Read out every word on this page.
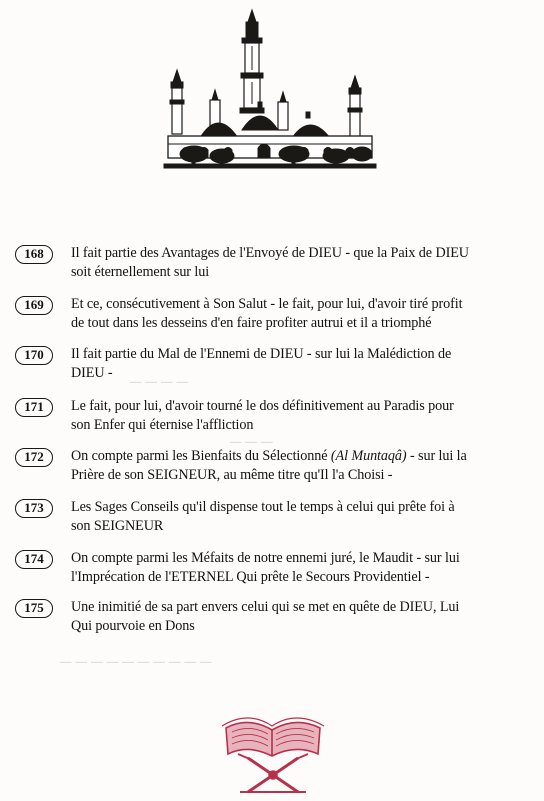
ـــ ـــ ـــ ـــ
ـــ ـــ ـــ
ـــ ـــ ـــ ـــ ـــ ـــ ـــ ـــ ـــ ـــ
168	Il fait partie des Avantages de l'Envoyé de DIEU - que la Paix de DIEU
soit éternellement sur lui
169	Et ce, consécutivement à Son Salut - le fait, pour lui, d'avoir tiré profit
de tout dans les desseins d'en faire profiter autrui et il a triomphé
170	Il fait partie du Mal de l'Ennemi de DIEU - sur lui la Malédiction de
DIEU -
171	Le fait, pour lui, d'avoir tourné le dos définitivement au Paradis pour
son Enfer qui éternise l'affliction
172	On compte parmi les Bienfaits du Sélectionné (Al Muntaqâ) - sur lui la
Prière de son SEIGNEUR, au même titre qu'Il l'a Choisi -
173	Les Sages Conseils qu'il dispense tout le temps à celui qui prête foi à
son SEIGNEUR
174	On compte parmi les Méfaits de notre ennemi juré, le Maudit - sur lui
l'Imprécation de l'ETERNEL Qui prête le Secours Providentiel -
175	Une inimitié de sa part envers celui qui se met en quête de DIEU, Lui
Qui pourvoie en Dons
